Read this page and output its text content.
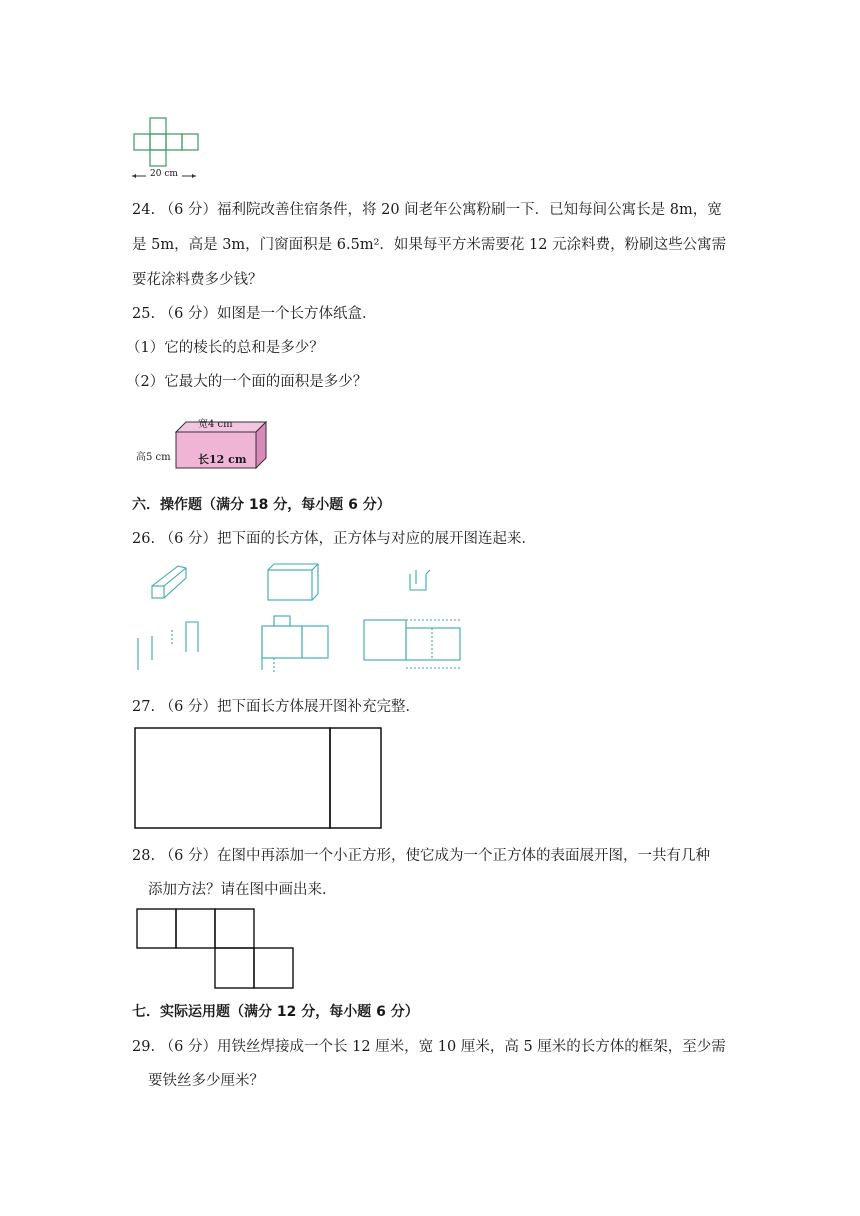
20 cm
24. （6 分）福利院改善住宿条件，将 20 间老年公寓粉刷一下．已知每间公寓长是 8m，宽
是 5m，高是 3m，门窗面积是 6.5m²．如果每平方米需要花 12 元涂料费，粉刷这些公寓需
要花涂料费多少钱？
25. （6 分）如图是一个长方体纸盒．
（1）它的棱长的总和是多少？
（2）它最大的一个面的面积是多少？
宽4 cm
高5 cm 长12 cm
六．操作题（满分 18 分，每小题 6 分）
26. （6 分）把下面的长方体，正方体与对应的展开图连起来．
27. （6 分）把下面长方体展开图补充完整．
28. （6 分）在图中再添加一个小正方形，使它成为一个正方体的表面展开图，一共有几种
添加方法？请在图中画出来．
七．实际运用题（满分 12 分，每小题 6 分）
29. （6 分）用铁丝焊接成一个长 12 厘米，宽 10 厘米，高 5 厘米的长方体的框架，至少需
要铁丝多少厘米？
